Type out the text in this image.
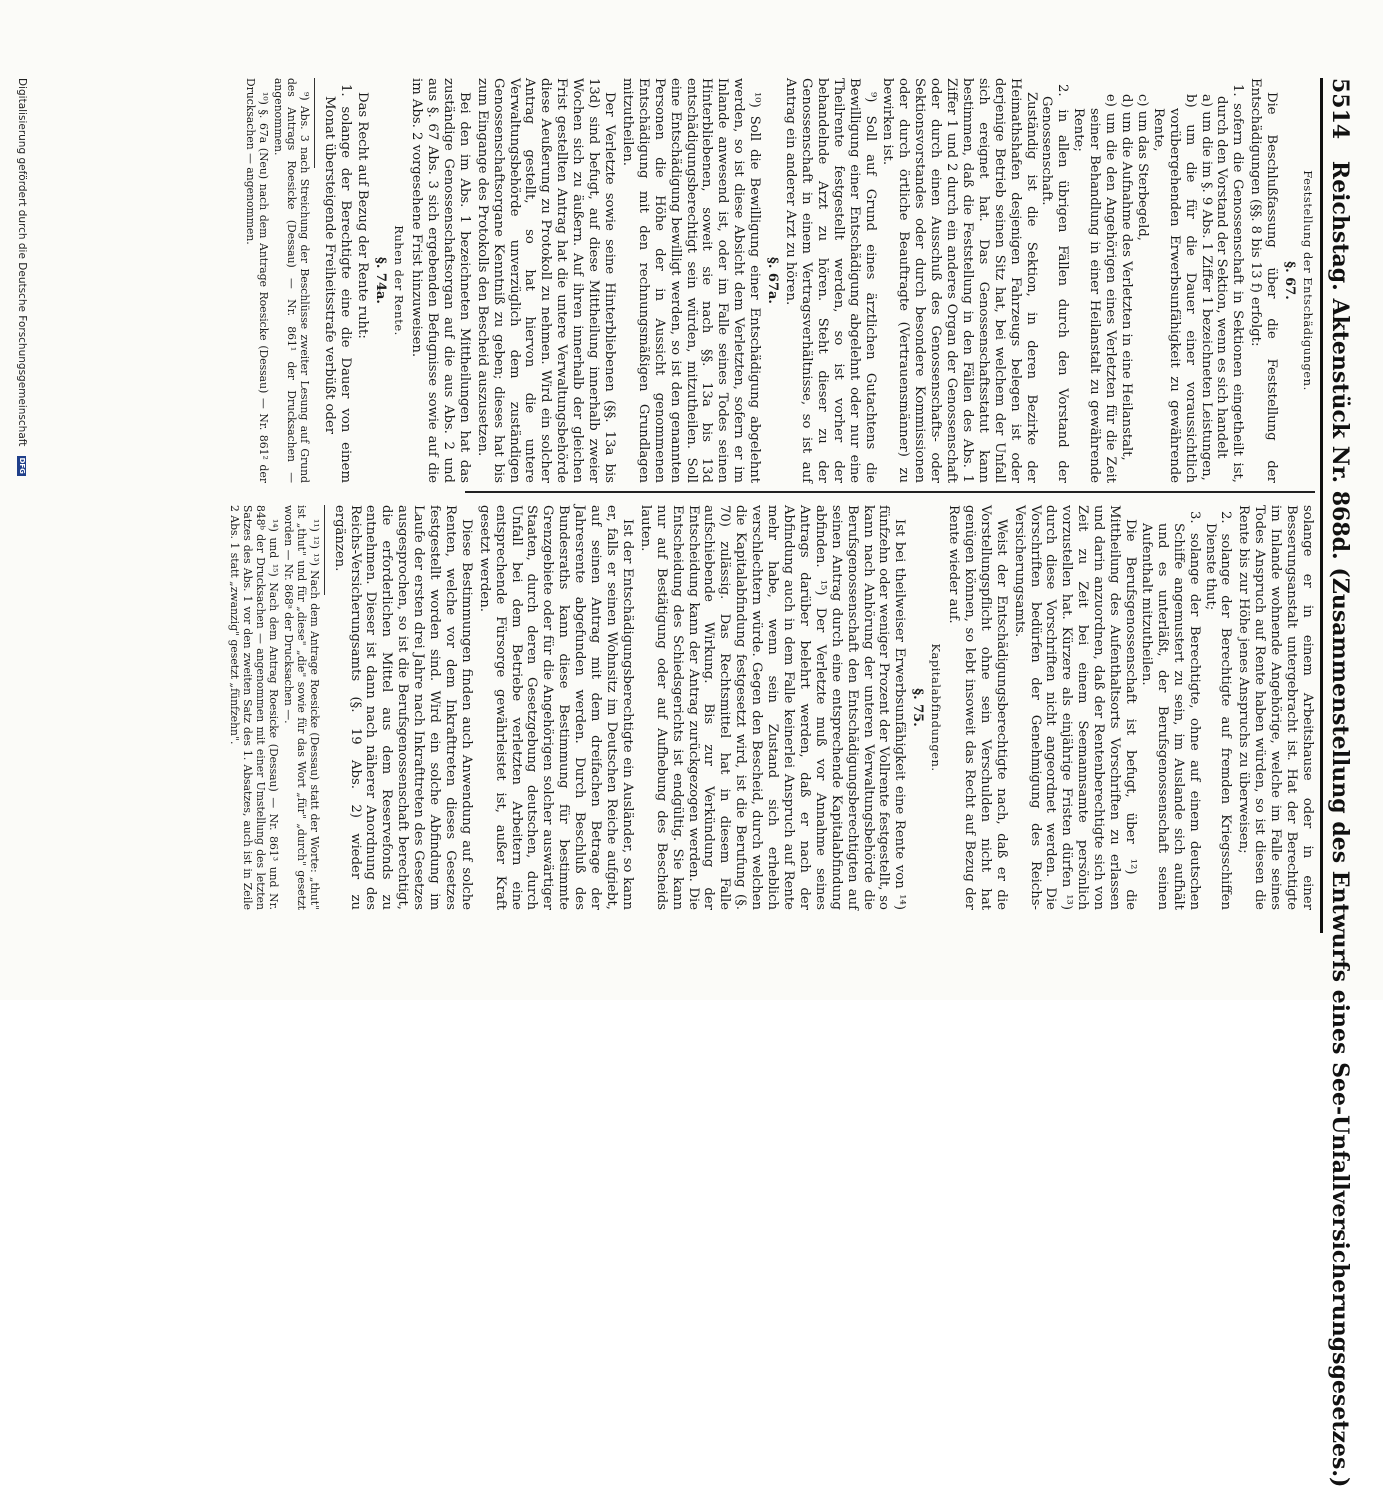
5514 Reichstag. Aktenstück Nr. 868d. (Zusammenstellung des Entwurfs eines See-Unfallversicherungsgesetzes.)

Feststellung der Entschädigungen.

§. 67.

Die Beschlußfassung über die Feststellung der Entschädigungen (§§. 8 bis 13 f) erfolgt:

1. sofern die Genossenschaft in Sektionen eingetheilt ist, durch den Vorstand der Sektion, wenn es sich handelt

a) um die im §. 9 Abs. 1 Ziffer 1 bezeichneten Leistungen,

b) um die für die Dauer einer voraussichtlich vorübergehenden Erwerbsunfähigkeit zu gewährende Rente,

c) um das Sterbegeld,

d) um die Aufnahme des Verletzten in eine Heilanstalt,

e) um die den Angehörigen eines Verletzten für die Zeit seiner Behandlung in einer Heilanstalt zu gewährende Rente;

2. in allen übrigen Fällen durch den Vorstand der Genossenschaft.

Zuständig ist die Sektion, in deren Bezirke der Heimathshafen desjenigen Fahrzeugs belegen ist oder derjenige Betrieb seinen Sitz hat, bei welchem der Unfall sich ereignet hat. Das Genossenschaftsstatut kann bestimmen, daß die Feststellung in den Fällen des Abs. 1 Ziffer 1 und 2 durch ein anderes Organ der Genossenschaft oder durch einen Ausschuß des Genossenschafts- oder Sektionsvorstandes oder durch besondere Kommissionen oder durch örtliche Beauftragte (Vertrauensmänner) zu bewirken ist.

⁹) Soll auf Grund eines ärztlichen Gutachtens die Bewilligung einer Entschädigung abgelehnt oder nur eine Theilrente festgestellt werden, so ist vorher der behandelnde Arzt zu hören. Steht dieser zu der Genossenschaft in einem Vertragsverhältnisse, so ist auf Antrag ein anderer Arzt zu hören.

§. 67a.

¹⁰) Soll die Bewilligung einer Entschädigung abgelehnt werden, so ist diese Absicht dem Verletzten, sofern er im Inlande anwesend ist, oder im Falle seines Todes seinen Hinterbliebenen, soweit sie nach §§. 13a bis 13d entschädigungsberechtigt sein würden, mitzutheilen. Soll eine Entschädigung bewilligt werden, so ist den genannten Personen die Höhe der in Aussicht genommenen Entschädigung mit den rechnungsmäßigen Grundlagen mitzutheilen.

Der Verletzte sowie seine Hinterbliebenen (§§. 13a bis 13d) sind befugt, auf diese Mittheilung innerhalb zweier Wochen sich zu äußern. Auf ihren innerhalb der gleichen Frist gestellten Antrag hat die untere Verwaltungsbehörde diese Aeußerung zu Protokoll zu nehmen. Wird ein solcher Antrag gestellt, so hat hiervon die untere Verwaltungsbehörde unverzüglich dem zuständigen Genossenschaftsorgane Kenntniß zu geben; dieses hat bis zum Eingange des Protokolls den Bescheid auszusetzen.

Bei den im Abs. 1 bezeichneten Mittheilungen hat das zuständige Genossenschaftsorgan auf die aus Abs. 2 und aus §. 67 Abs. 3 sich ergebenden Befugnisse sowie auf die im Abs. 2 vorgesehene Frist hinzuweisen.

Ruhen der Rente.

§. 74a.

Das Recht auf Bezug der Rente ruht:

1. solange der Berechtigte eine die Dauer von einem Monat übersteigende Freiheitsstrafe verbüßt oder

⁹) Abs. 3 nach Streichung der Beschlüsse zweiter Lesung auf Grund des Antrags Roesicke (Dessau) — Nr. 861¹ der Drucksachen — angenommen.

¹⁰) §. 67a (Neu) nach dem Antrage Roesicke (Dessau) — Nr. 861² der Drucksachen — angenommen.

solange er in einem Arbeitshause oder in einer Besserungsanstalt untergebracht ist. Hat der Berechtigte im Inlande wohnende Angehörige, welche im Falle seines Todes Anspruch auf Rente haben würden, so ist diesen die Rente bis zur Höhe jenes Anspruchs zu überweisen;

2. solange der Berechtigte auf fremden Kriegsschiffen Dienste thut;

3. solange der Berechtigte, ohne auf einem deutschen Schiffe angemustert zu sein, im Auslande sich aufhält und es unterläßt, der Berufsgenossenschaft seinen Aufenthalt mitzutheilen.

Die Berufsgenossenschaft ist befugt, über ¹²) die Mittheilung des Aufenthaltsorts Vorschriften zu erlassen und darin anzuordnen, daß der Rentenberechtigte sich von Zeit zu Zeit bei einem Seemannsamte persönlich vorzustellen hat. Kürzere als einjährige Fristen dürfen ¹³) durch diese Vorschriften nicht angeordnet werden. Die Vorschriften bedürfen der Genehmigung des Reichs-Versicherungsamts.

Weist der Entschädigungsberechtigte nach, daß er die Vorstellungspflicht ohne sein Verschulden nicht hat genügen können, so lebt insoweit das Recht auf Bezug der Rente wieder auf.

Kapitalabfindungen.

§. 75.

Ist bei theilweiser Erwerbsunfähigkeit eine Rente von ¹⁴) fünfzehn oder weniger Prozent der Vollrente festgestellt, so kann nach Anhörung der unteren Verwaltungsbehörde die Berufsgenossenschaft den Entschädigungsberechtigten auf seinen Antrag durch eine entsprechende Kapitalabfindung abfinden. ¹⁵) Der Verletzte muß vor Annahme seines Antrags darüber belehrt werden, daß er nach der Abfindung auch in dem Falle keinerlei Anspruch auf Rente mehr habe, wenn sein Zustand sich erheblich verschlechtern würde. Gegen den Bescheid, durch welchen die Kapitalabfindung festgesetzt wird, ist die Berufung (§. 70) zulässig. Das Rechtsmittel hat in diesem Falle aufschiebende Wirkung. Bis zur Verkündung der Entscheidung kann der Antrag zurückgezogen werden. Die Entscheidung des Schiedsgerichts ist endgültig. Sie kann nur auf Bestätigung oder auf Aufhebung des Bescheids lauten.

Ist der Entschädigungsberechtigte ein Ausländer, so kann er, falls er seinen Wohnsitz im Deutschen Reiche aufgiebt, auf seinen Antrag mit dem dreifachen Betrage der Jahresrente abgefunden werden. Durch Beschluß des Bundesraths kann diese Bestimmung für bestimmte Grenzgebiete oder für die Angehörigen solcher auswärtiger Staaten, durch deren Gesetzgebung deutschen, durch Unfall bei dem Betriebe verletzten Arbeitern eine entsprechende Fürsorge gewährleistet ist, außer Kraft gesetzt werden.

Diese Bestimmungen finden auch Anwendung auf solche Renten, welche vor dem Inkrafttreten dieses Gesetzes festgestellt worden sind. Wird ein solche Abfindung im Laufe der ersten drei Jahre nach Inkrafttreten des Gesetzes ausgesprochen, so ist die Berufsgenossenschaft berechtigt, die erforderlichen Mittel aus dem Reservefonds zu entnehmen. Dieser ist dann nach näherer Anordnung des Reichs-Versicherungsamts (§. 19 Abs. 2) wieder zu ergänzen.

¹¹) ¹²) ¹³) Nach dem Antrage Roesicke (Dessau) statt der Worte: „thut" ist „thut" und für „diese" „die" sowie für das Wort „für" „durch" gesetzt worden — Nr. 868ᵃ der Drucksachen —.

¹⁴) und ¹⁵) Nach dem Antrag Roesicke (Dessau) — Nr. 861³ und Nr. 848ᵇ der Drucksachen — angenommen mit einer Umstellung des letzten Satzes des Abs. 1 vor den zweiten Satz des 1. Absatzes, auch ist in Zeile 2 Abs. 1 statt „zwanzig" gesetzt „fünfzehn".

Digitalisierung gefördert durch die Deutsche Forschungsgemeinschaft DFG
